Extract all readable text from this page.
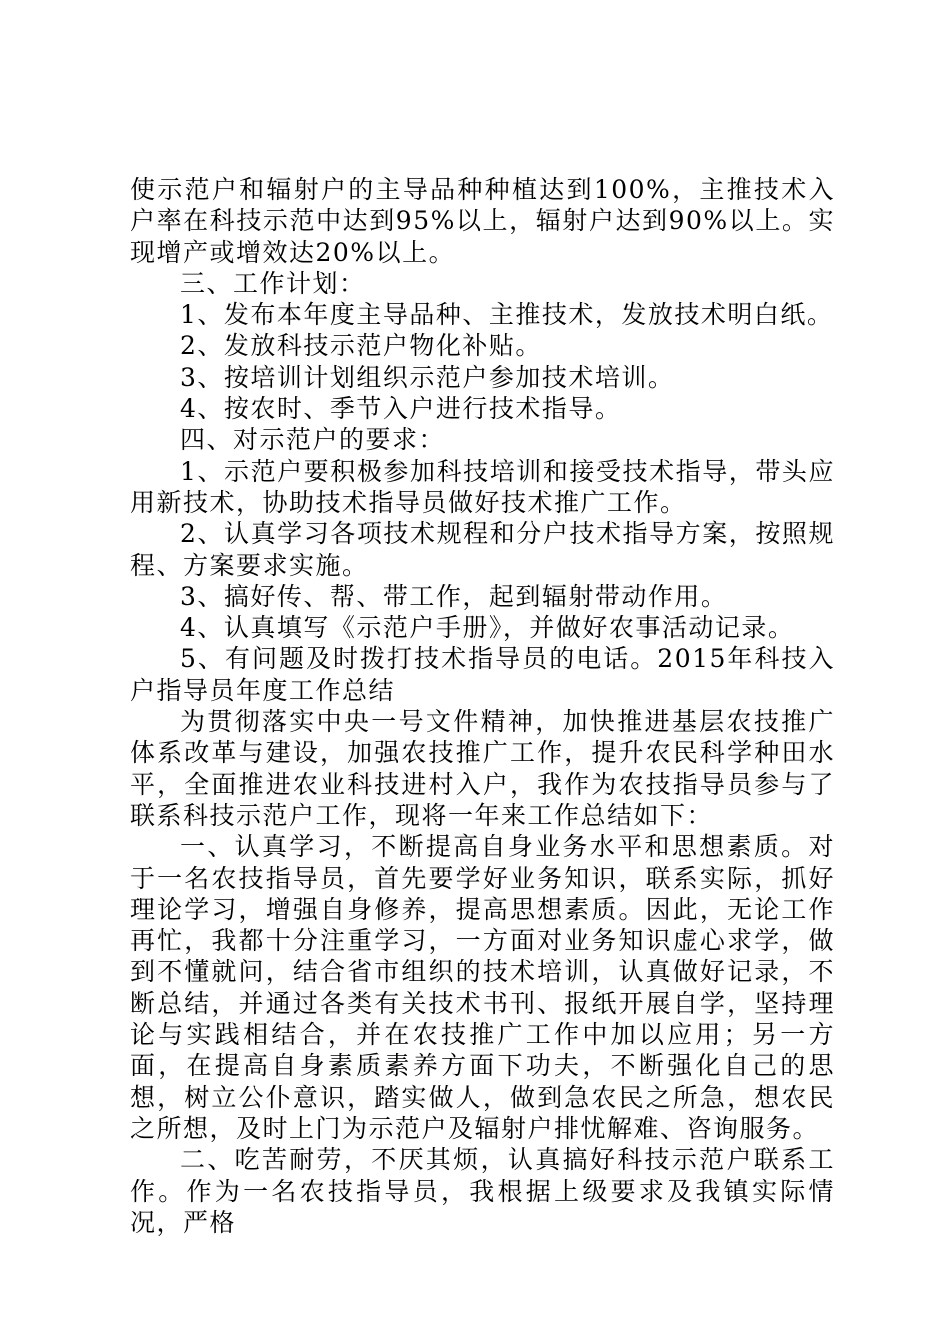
使示范户和辐射户的主导品种种植达到100%，主推技术入户率在科技示范中达到95%以上，辐射户达到90%以上。实现增产或增效达20%以上。

三、工作计划：

1、发布本年度主导品种、主推技术，发放技术明白纸。

2、发放科技示范户物化补贴。

3、按培训计划组织示范户参加技术培训。

4、按农时、季节入户进行技术指导。

四、对示范户的要求：

1、示范户要积极参加科技培训和接受技术指导，带头应用新技术，协助技术指导员做好技术推广工作。

2、认真学习各项技术规程和分户技术指导方案，按照规程、方案要求实施。

3、搞好传、帮、带工作，起到辐射带动作用。

4、认真填写《示范户手册》，并做好农事活动记录。

5、有问题及时拨打技术指导员的电话。2015年科技入户指导员年度工作总结

为贯彻落实中央一号文件精神，加快推进基层农技推广体系改革与建设，加强农技推广工作，提升农民科学种田水平，全面推进农业科技进村入户，我作为农技指导员参与了联系科技示范户工作，现将一年来工作总结如下：

一、认真学习，不断提高自身业务水平和思想素质。对于一名农技指导员，首先要学好业务知识，联系实际，抓好理论学习，增强自身修养，提高思想素质。因此，无论工作再忙，我都十分注重学习，一方面对业务知识虚心求学，做到不懂就问，结合省市组织的技术培训，认真做好记录，不断总结，并通过各类有关技术书刊、报纸开展自学，坚持理论与实践相结合，并在农技推广工作中加以应用；另一方面，在提高自身素质素养方面下功夫，不断强化自己的思想，树立公仆意识，踏实做人，做到急农民之所急，想农民之所想，及时上门为示范户及辐射户排忧解难、咨询服务。

二、吃苦耐劳，不厌其烦，认真搞好科技示范户联系工作。作为一名农技指导员，我根据上级要求及我镇实际情况，严格
